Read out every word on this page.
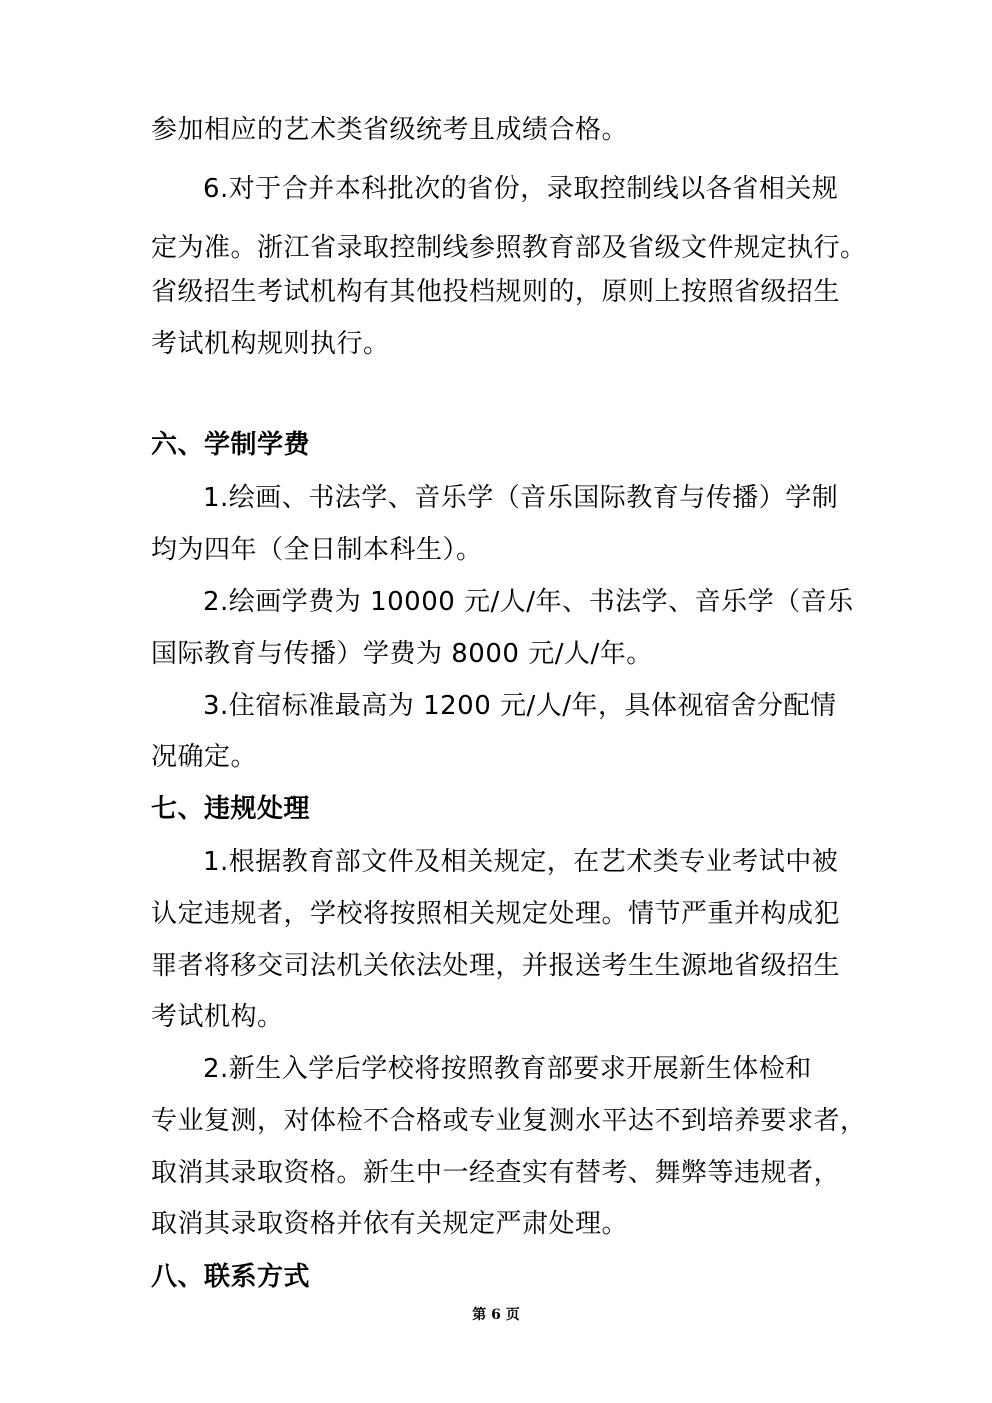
参加相应的艺术类省级统考且成绩合格。
6.对于合并本科批次的省份，录取控制线以各省相关规
定为准。浙江省录取控制线参照教育部及省级文件规定执行。
省级招生考试机构有其他投档规则的，原则上按照省级招生
考试机构规则执行。
六、学制学费
1.绘画、书法学、音乐学（音乐国际教育与传播）学制
均为四年（全日制本科生）。
2.绘画学费为 10000 元/人/年、书法学、音乐学（音乐
国际教育与传播）学费为 8000 元/人/年。
3.住宿标准最高为 1200 元/人/年，具体视宿舍分配情
况确定。
七、违规处理
1.根据教育部文件及相关规定，在艺术类专业考试中被
认定违规者，学校将按照相关规定处理。情节严重并构成犯
罪者将移交司法机关依法处理，并报送考生生源地省级招生
考试机构。
2.新生入学后学校将按照教育部要求开展新生体检和
专业复测，对体检不合格或专业复测水平达不到培养要求者，
取消其录取资格。新生中一经查实有替考、舞弊等违规者，
取消其录取资格并依有关规定严肃处理。
八、联系方式
第 6 页
